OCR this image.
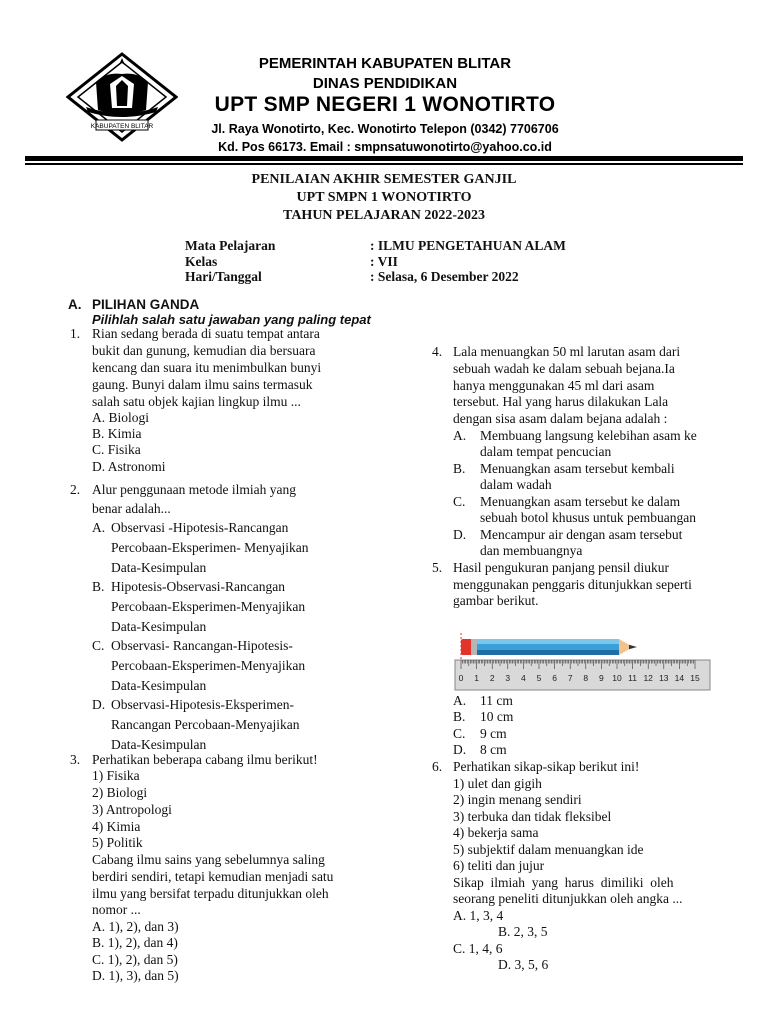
KABUPATEN BLITAR
PEMERINTAH KABUPATEN BLITAR
DINAS PENDIDIKAN
UPT SMP NEGERI 1 WONOTIRTO
Jl. Raya Wonotirto, Kec. Wonotirto Telepon (0342) 7706706
Kd. Pos 66173. Email : smpnsatuwonotirto@yahoo.co.id
PENILAIAN AKHIR SEMESTER GANJIL
UPT SMPN 1 WONOTIRTO
TAHUN PELAJARAN 2022-2023
Mata Pelajaran	: ILMU PENGETAHUAN ALAM
Kelas	: VII
Hari/Tanggal	: Selasa, 6 Desember 2022
A. PILIHAN GANDA
Pilihlah salah satu jawaban yang paling tepat
1. Rian sedang berada di suatu tempat antara
bukit dan gunung, kemudian dia bersuara
kencang dan suara itu menimbulkan bunyi
gaung. Bunyi dalam ilmu sains termasuk
salah satu objek kajian lingkup ilmu ...
A. Biologi
B. Kimia
C. Fisika
D. Astronomi
2. Alur penggunaan metode ilmiah yang
benar adalah...
A. Observasi -Hipotesis-Rancangan
Percobaan-Eksperimen- Menyajikan
Data-Kesimpulan
B. Hipotesis-Observasi-Rancangan
Percobaan-Eksperimen-Menyajikan
Data-Kesimpulan
C. Observasi- Rancangan-Hipotesis-
Percobaan-Eksperimen-Menyajikan
Data-Kesimpulan
D. Observasi-Hipotesis-Eksperimen-
Rancangan Percobaan-Menyajikan
Data-Kesimpulan
3. Perhatikan beberapa cabang ilmu berikut!
1) Fisika
2) Biologi
3) Antropologi
4) Kimia
5) Politik
Cabang ilmu sains yang sebelumnya saling
berdiri sendiri, tetapi kemudian menjadi satu
ilmu yang bersifat terpadu ditunjukkan oleh
nomor ...
A. 1), 2), dan 3)
B. 1), 2), dan 4)
C. 1), 2), dan 5)
D. 1), 3), dan 5)
4. Lala menuangkan 50 ml larutan asam dari
sebuah wadah ke dalam sebuah bejana.Ia
hanya menggunakan 45 ml dari asam
tersebut. Hal yang harus dilakukan Lala
dengan sisa asam dalam bejana adalah :
A. Membuang langsung kelebihan asam ke
dalam tempat pencucian
B. Menuangkan asam tersebut kembali
dalam wadah
C. Menuangkan asam tersebut ke dalam
sebuah botol khusus untuk pembuangan
D. Mencampur air dengan asam tersebut
dan membuangnya
5. Hasil pengukuran panjang pensil diukur
menggunakan penggaris ditunjukkan seperti
gambar berikut.
0 1 2 3 4 5 6 7 8 9 10 11 12 13 14 15
A. 11 cm
B. 10 cm
C. 9 cm
D. 8 cm
6. Perhatikan sikap-sikap berikut ini!
1) ulet dan gigih
2) ingin menang sendiri
3) terbuka dan tidak fleksibel
4) bekerja sama
5) subjektif dalam menuangkan ide
6) teliti dan jujur
Sikap  ilmiah  yang  harus  dimiliki  oleh
seorang peneliti ditunjukkan oleh angka ...
A. 1, 3, 4
B. 2, 3, 5
C. 1, 4, 6
D. 3, 5, 6
